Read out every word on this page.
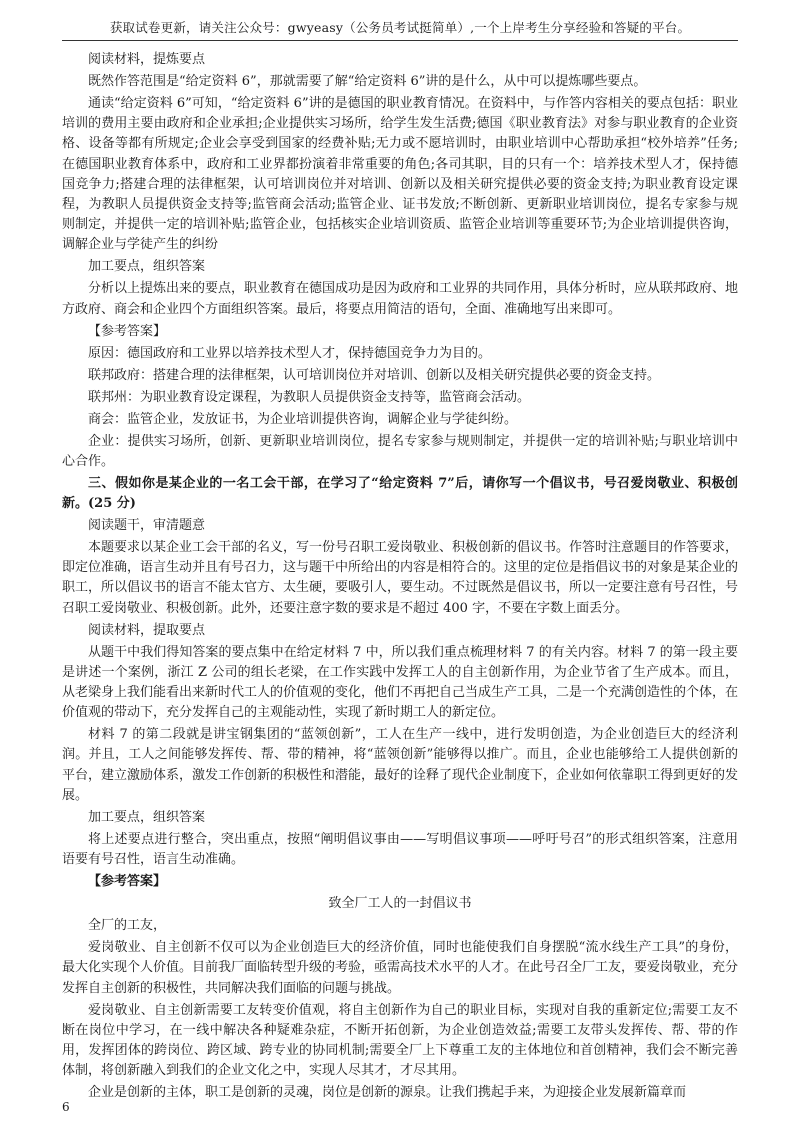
获取试卷更新，请关注公众号：gwyeasy（公务员考试挺简单）,一个上岸考生分享经验和答疑的平台。

阅读材料，提炼要点

既然作答范围是“给定资料 6”，那就需要了解“给定资料 6”讲的是什么，从中可以提炼哪些要点。

通读“给定资料 6”可知，“给定资料 6”讲的是德国的职业教育情况。在资料中，与作答内容相关的要点包括：职业培训的费用主要由政府和企业承担;企业提供实习场所，给学生发生活费;德国《职业教育法》对参与职业教育的企业资格、设备等都有所规定;企业会享受到国家的经费补贴;无力或不愿培训时，由职业培训中心帮助承担“校外培养”任务;在德国职业教育体系中，政府和工业界都扮演着非常重要的角色;各司其职，目的只有一个：培养技术型人才，保持德国竞争力;搭建合理的法律框架，认可培训岗位并对培训、创新以及相关研究提供必要的资金支持;为职业教育设定课程，为教职人员提供资金支持等;监管商会活动;监管企业、证书发放;不断创新、更新职业培训岗位，提名专家参与规则制定，并提供一定的培训补贴;监管企业，包括核实企业培训资质、监管企业培训等重要环节;为企业培训提供咨询，调解企业与学徒产生的纠纷

加工要点，组织答案

分析以上提炼出来的要点，职业教育在德国成功是因为政府和工业界的共同作用，具体分析时，应从联邦政府、地方政府、商会和企业四个方面组织答案。最后，将要点用简洁的语句，全面、准确地写出来即可。

【参考答案】

原因：德国政府和工业界以培养技术型人才，保持德国竞争力为目的。

联邦政府：搭建合理的法律框架，认可培训岗位并对培训、创新以及相关研究提供必要的资金支持。

联邦州：为职业教育设定课程，为教职人员提供资金支持等，监管商会活动。

商会：监管企业，发放证书，为企业培训提供咨询，调解企业与学徒纠纷。

企业：提供实习场所，创新、更新职业培训岗位，提名专家参与规则制定，并提供一定的培训补贴;与职业培训中心合作。

三、假如你是某企业的一名工会干部，在学习了“给定资料 7”后，请你写一个倡议书，号召爱岗敬业、积极创新。(25 分)

阅读题干，审清题意

本题要求以某企业工会干部的名义，写一份号召职工爱岗敬业、积极创新的倡议书。作答时注意题目的作答要求，即定位准确，语言生动并且有号召力，这与题干中所给出的内容是相符合的。这里的定位是指倡议书的对象是某企业的职工，所以倡议书的语言不能太官方、太生硬，要吸引人，要生动。不过既然是倡议书，所以一定要注意有号召性，号召职工爱岗敬业、积极创新。此外，还要注意字数的要求是不超过 400 字，不要在字数上面丢分。

阅读材料，提取要点

从题干中我们得知答案的要点集中在给定材料 7 中，所以我们重点梳理材料 7 的有关内容。材料 7 的第一段主要是讲述一个案例，浙江 Z 公司的组长老梁，在工作实践中发挥工人的自主创新作用，为企业节省了生产成本。而且，从老梁身上我们能看出来新时代工人的价值观的变化，他们不再把自己当成生产工具，二是一个充满创造性的个体，在价值观的带动下，充分发挥自己的主观能动性，实现了新时期工人的新定位。

材料 7 的第二段就是讲宝钢集团的“蓝领创新”，工人在生产一线中，进行发明创造，为企业创造巨大的经济利润。并且，工人之间能够发挥传、帮、带的精神，将“蓝领创新”能够得以推广。而且，企业也能够给工人提供创新的平台，建立激励体系，激发工作创新的积极性和潜能，最好的诠释了现代企业制度下，企业如何依靠职工得到更好的发展。

加工要点，组织答案

将上述要点进行整合，突出重点，按照“阐明倡议事由——写明倡议事项——呼吁号召”的形式组织答案，注意用语要有号召性，语言生动准确。

【参考答案】

致全厂工人的一封倡议书

全厂的工友，

爱岗敬业、自主创新不仅可以为企业创造巨大的经济价值，同时也能使我们自身摆脱“流水线生产工具”的身份，最大化实现个人价值。目前我厂面临转型升级的考验，亟需高技术水平的人才。在此号召全厂工友，要爱岗敬业，充分发挥自主创新的积极性，共同解决我们面临的问题与挑战。

爱岗敬业、自主创新需要工友转变价值观，将自主创新作为自己的职业目标，实现对自我的重新定位;需要工友不断在岗位中学习，在一线中解决各种疑难杂症，不断开拓创新，为企业创造效益;需要工友带头发挥传、帮、带的作用，发挥团体的跨岗位、跨区域、跨专业的协同机制;需要全厂上下尊重工友的主体地位和首创精神，我们会不断完善体制，将创新融入到我们的企业文化之中，实现人尽其才，才尽其用。

企业是创新的主体，职工是创新的灵魂，岗位是创新的源泉。让我们携起手来，为迎接企业发展新篇章而

6
